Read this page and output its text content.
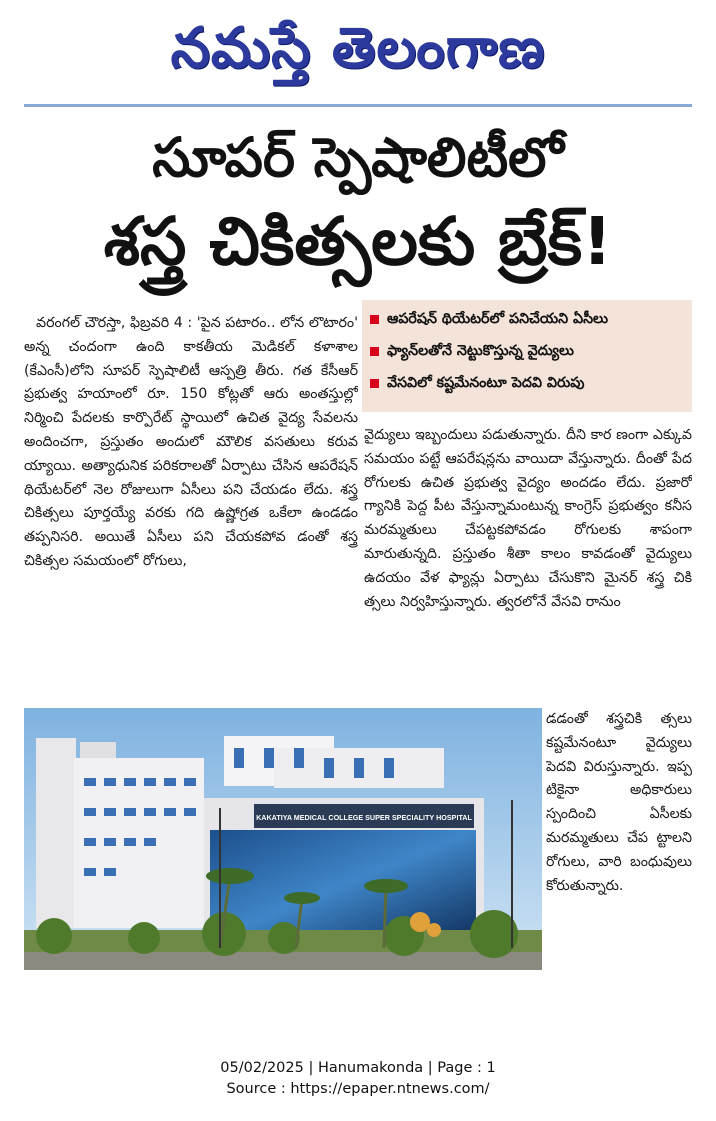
నమస్తే తెలంగాణ
సూపర్ స్పెషాలిటీలో
శస్త్ర చికిత్సలకు బ్రేక్!

వరంగల్ చౌరస్తా, ఫిబ్రవరి 4 : 'పైన పటారం.. లోన లొటారం' అన్న చందంగా ఉంది కాకతీయ మెడికల్ కళాశాల (కేఎంసీ)లోని సూపర్ స్పెషాలిటీ ఆస్పత్రి తీరు. గత కేసీఆర్ ప్రభుత్వ హయాంలో రూ. 150 కోట్లతో ఆరు అంతస్తుల్లో నిర్మించి పేదలకు కార్పొరేట్ స్థాయిలో ఉచిత వైద్య సేవలను అందించగా, ప్రస్తుతం అందులో మౌలిక వసతులు కరువ య్యాయి. అత్యాధునిక పరికరాలతో ఏర్పాటు చేసిన ఆపరేషన్ థియేటర్‌లో నెల రోజులుగా ఏసీలు పని చేయడం లేదు. శస్త్ర చికిత్సలు పూర్తయ్యే వరకు గది ఉష్ణోగ్రత ఒకేలా ఉండడం తప్పనిసరి. అయితే ఏసీలు పని చేయకపోవ డంతో శస్త్ర చికిత్సల సమయంలో రోగులు,

ఆపరేషన్ థియేటర్‌లో పనిచేయని ఏసీలు
ఫ్యాన్‌లతోనే నెట్టుకొస్తున్న వైద్యులు
వేసవిలో కష్టమేనంటూ పెదవి విరుపు

వైద్యులు ఇబ్బందులు పడుతున్నారు. దీని కార ణంగా ఎక్కువ సమయం పట్టే ఆపరేషన్లను వాయిదా వేస్తున్నారు. దీంతో పేద రోగులకు ఉచిత ప్రభుత్వ వైద్యం అందడం లేదు. ప్రజారో గ్యానికి పెద్ద పీట వేస్తున్నామంటున్న కాంగ్రెస్ ప్రభుత్వం కనీస మరమ్మతులు చేపట్టకపోవడం రోగులకు శాపంగా మారుతున్నది. ప్రస్తుతం శీతా కాలం కావడంతో వైద్యులు ఉదయం వేళ ఫ్యాన్లు ఏర్పాటు చేసుకొని మైనర్ శస్త్ర చికి త్సలు నిర్వహిస్తున్నారు. త్వరలోనే వేసవి రానుం

KAKATIYA MEDICAL COLLEGE SUPER SPECIALITY HOSPITAL

డడంతో శస్త్రచికి త్సలు కష్టమేనంటూ వైద్యులు పెదవి విరుస్తున్నారు. ఇప్ప టికైనా అధికారులు స్పందించి ఏసీలకు మరమ్మతులు చేప ట్టాలని రోగులు, వారి బంధువులు కోరుతున్నారు.

05/02/2025 | Hanumakonda | Page : 1
Source : https://epaper.ntnews.com/
